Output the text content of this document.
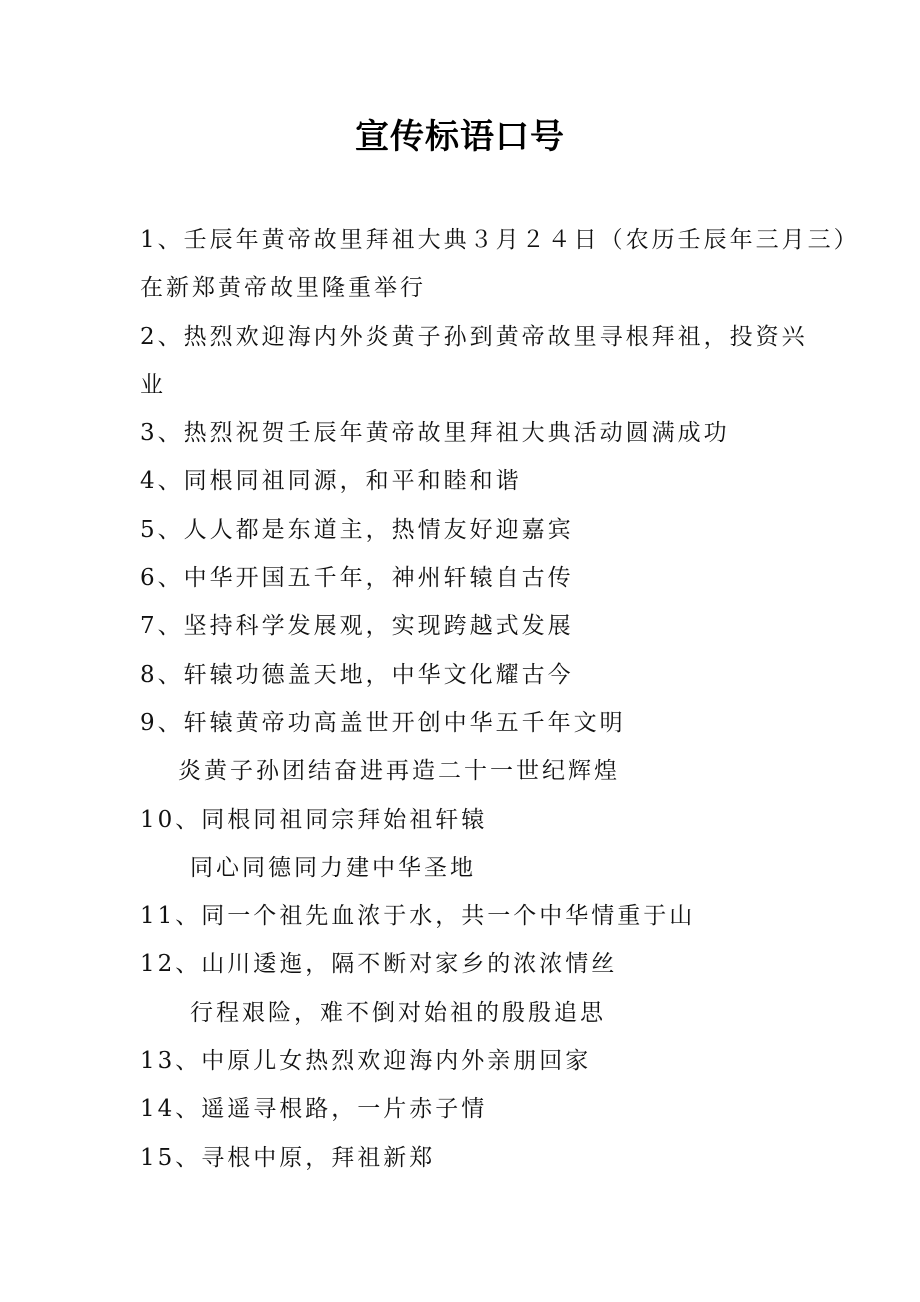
宣传标语口号
1、壬辰年黄帝故里拜祖大典３月２４日（农历壬辰年三月三）
在新郑黄帝故里隆重举行
2、热烈欢迎海内外炎黄子孙到黄帝故里寻根拜祖，投资兴
业
3、热烈祝贺壬辰年黄帝故里拜祖大典活动圆满成功
4、同根同祖同源，和平和睦和谐
5、人人都是东道主，热情友好迎嘉宾
6、中华开国五千年，神州轩辕自古传
7、坚持科学发展观，实现跨越式发展
8、轩辕功德盖天地，中华文化耀古今
9、轩辕黄帝功高盖世开创中华五千年文明
炎黄子孙团结奋进再造二十一世纪辉煌
10、同根同祖同宗拜始祖轩辕
同心同德同力建中华圣地
11、同一个祖先血浓于水，共一个中华情重于山
12、山川逶迤，隔不断对家乡的浓浓情丝
行程艰险，难不倒对始祖的殷殷追思
13、中原儿女热烈欢迎海内外亲朋回家
14、遥遥寻根路，一片赤子情
15、寻根中原，拜祖新郑
